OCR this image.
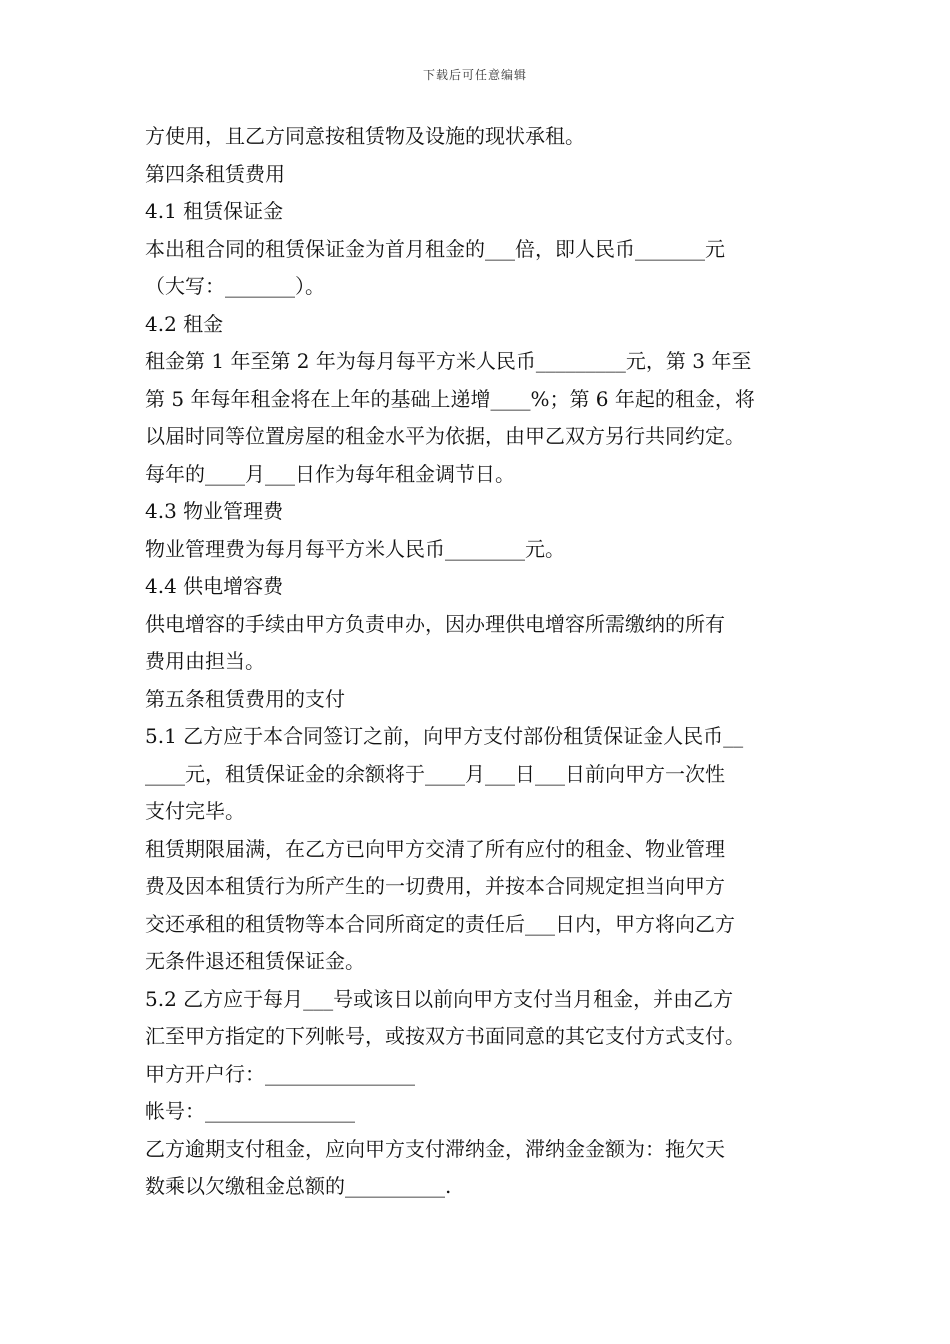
下载后可任意编辑
方使用，且乙方同意按租赁物及设施的现状承租。
第四条租赁费用
4.1 租赁保证金
本出租合同的租赁保证金为首月租金的___倍，即人民币_______元
（大写：_______）。
4.2 租金
租金第 1 年至第 2 年为每月每平方米人民币_________元，第 3 年至
第 5 年每年租金将在上年的基础上递增____%；第 6 年起的租金，将
以届时同等位置房屋的租金水平为依据，由甲乙双方另行共同约定。
每年的____月___日作为每年租金调节日。
4.3 物业管理费
物业管理费为每月每平方米人民币________元。
4.4 供电增容费
供电增容的手续由甲方负责申办，因办理供电增容所需缴纳的所有
费用由担当。
第五条租赁费用的支付
5.1 乙方应于本合同签订之前，向甲方支付部份租赁保证金人民币__
____元，租赁保证金的余额将于____月___日___日前向甲方一次性
支付完毕。
租赁期限届满，在乙方已向甲方交清了所有应付的租金、物业管理
费及因本租赁行为所产生的一切费用，并按本合同规定担当向甲方
交还承租的租赁物等本合同所商定的责任后___日内，甲方将向乙方
无条件退还租赁保证金。
5.2 乙方应于每月___号或该日以前向甲方支付当月租金，并由乙方
汇至甲方指定的下列帐号，或按双方书面同意的其它支付方式支付。
甲方开户行：_______________
帐号：_______________
乙方逾期支付租金，应向甲方支付滞纳金，滞纳金金额为：拖欠天
数乘以欠缴租金总额的__________.
